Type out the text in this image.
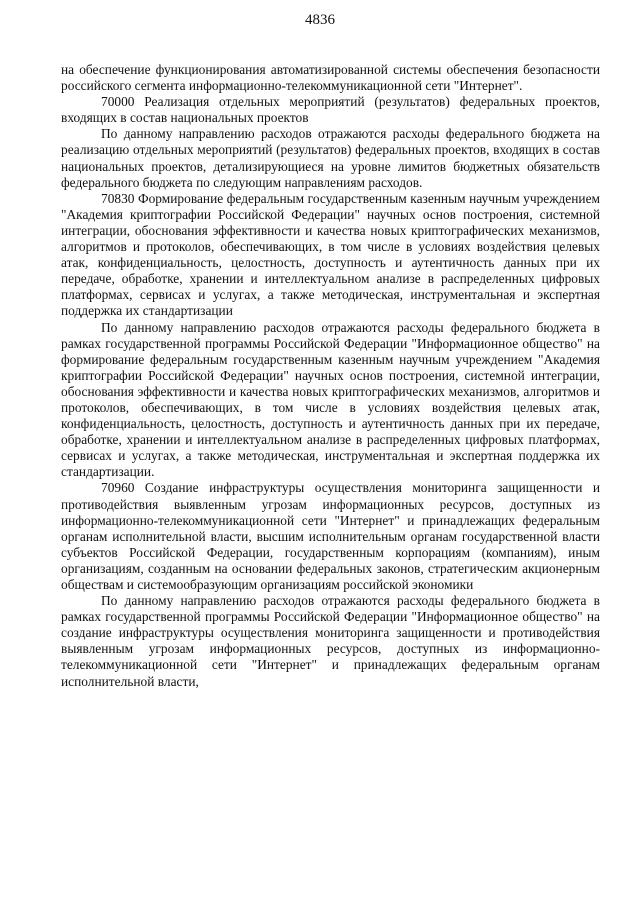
4836

на обеспечение функционирования автоматизированной системы обеспечения безопасности российского сегмента информационно-телекоммуникационной сети "Интернет".

70000 Реализация отдельных мероприятий (результатов) федеральных проектов, входящих в состав национальных проектов

По данному направлению расходов отражаются расходы федерального бюджета на реализацию отдельных мероприятий (результатов) федеральных проектов, входящих в состав национальных проектов, детализирующиеся на уровне лимитов бюджетных обязательств федерального бюджета по следующим направлениям расходов.

70830 Формирование федеральным государственным казенным научным учреждением "Академия криптографии Российской Федерации" научных основ построения, системной интеграции, обоснования эффективности и качества новых криптографических механизмов, алгоритмов и протоколов, обеспечивающих, в том числе в условиях воздействия целевых атак, конфиденциальность, целостность, доступность и аутентичность данных при их передаче, обработке, хранении и интеллектуальном анализе в распределенных цифровых платформах, сервисах и услугах, а также методическая, инструментальная и экспертная поддержка их стандартизации

По данному направлению расходов отражаются расходы федерального бюджета в рамках государственной программы Российской Федерации "Информационное общество" на формирование федеральным государственным казенным научным учреждением "Академия криптографии Российской Федерации" научных основ построения, системной интеграции, обоснования эффективности и качества новых криптографических механизмов, алгоритмов и протоколов, обеспечивающих, в том числе в условиях воздействия целевых атак, конфиденциальность, целостность, доступность и аутентичность данных при их передаче, обработке, хранении и интеллектуальном анализе в распределенных цифровых платформах, сервисах и услугах, а также методическая, инструментальная и экспертная поддержка их стандартизации.

70960 Создание инфраструктуры осуществления мониторинга защищенности и противодействия выявленным угрозам информационных ресурсов, доступных из информационно-телекоммуникационной сети "Интернет" и принадлежащих федеральным органам исполнительной власти, высшим исполнительным органам государственной власти субъектов Российской Федерации, государственным корпорациям (компаниям), иным организациям, созданным на основании федеральных законов, стратегическим акционерным обществам и системообразующим организациям российской экономики

По данному направлению расходов отражаются расходы федерального бюджета в рамках государственной программы Российской Федерации "Информационное общество" на создание инфраструктуры осуществления мониторинга защищенности и противодействия выявленным угрозам информационных ресурсов, доступных из информационно-телекоммуникационной сети "Интернет" и принадлежащих федеральным органам исполнительной власти,
